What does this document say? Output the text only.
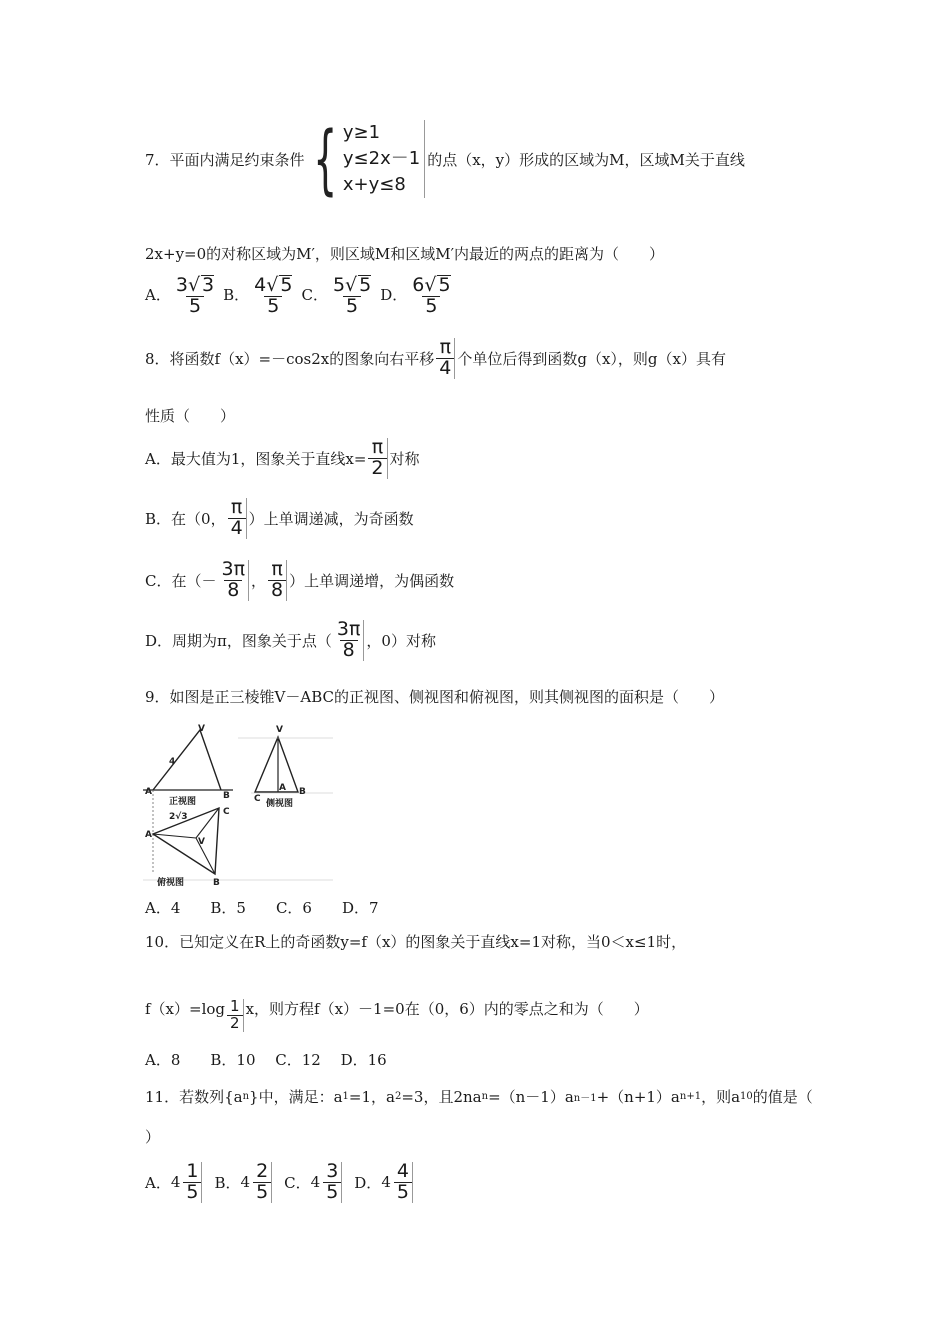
7．平面内满足约束条件 { y≥1
y≤2x－1
x+y≤8
的点（x，y）形成的区域为M，区域M关于直线
2x+y=0的对称区域为M′，则区域M和区域M′内最近的两点的距离为（　　）
A． $\frac{3√ 3}{5}$ B． $\frac{4√ 5}{5}$ C． $\frac{5√ 5}{5}$ D． $\frac{6√ 5}{5}$
8．将函数f（x）=－cos2x的图象向右平移 $\frac{\pi}{4}$ 个单位后得到函数g（x），则g（x）具有
性质（　　）
A．最大值为1，图象关于直线$x= \frac{\pi}{2}$ 对称
B．在（0， $\frac{\pi}{4}$ ）上单调递减，为奇函数
C．在（－ $\frac{3\pi}{8}$ ， $\frac{\pi}{8}$ ）上单调递增，为偶函数
D．周期为π，图象关于点（ $\frac{3\pi}{8}$ ，0）对称
9．如图是正三棱锥V－ABC的正视图、侧视图和俯视图，则其侧视图的面积是（　　）
V
4
A	B
正视图
2√3
V
A
C
B
侧视图
A
C
V
B
俯视图
A．4　　B．5　　C．6　　D．7
10．已知定义在R上的奇函数y=f（x）的图象关于直线x=1对称，当0＜x≤1时，
$f(x)=\log \frac{1}{2}$ x，则方程f（x）－1=0在（0，6）内的零点之和为（　　）
A．8　　B．10　 C．12　 D．16
11．若数列{a n }中，满足：a 1 =1，a 2 =3，且2na n =（n－1）a n－1 +（n+1）a n+1 ，则a 10 的值是（
）
A． $4 \frac{1}{5}$ B． $4 \frac{2}{5}$ C． $4 \frac{3}{5}$ D． $4 \frac{4}{5}$
